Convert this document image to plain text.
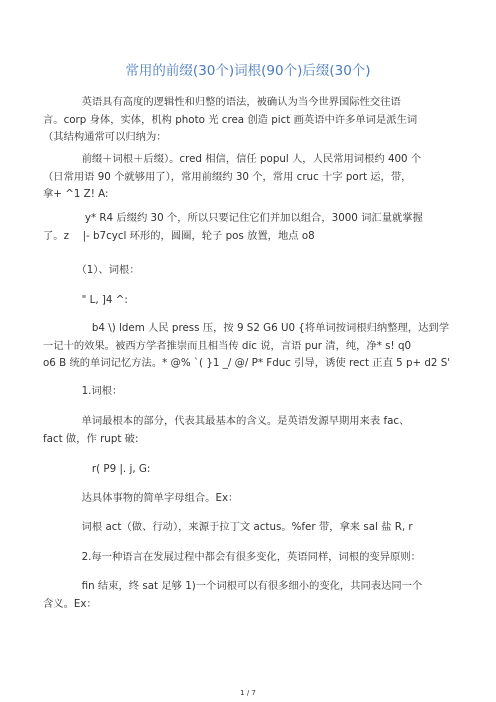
常用的前缀(30个)词根(90个)后缀(30个)
　　英语具有高度的逻辑性和归整的语法，被确认为当今世界国际性交往语
言。corp 身体，实体，机构 photo 光 crea 创造 pict 画英语中许多单词是派生词
（其结构通常可以归纳为：
　　前缀＋词根＋后缀）。cred 相信，信任 popul 人，人民常用词根约 400 个
（日常用语 90 个就够用了），常用前缀约 30 个，常用 cruc 十字 port 运，带，
拿+ ^1 Z! A:
　　 y* R4 后缀约 30 个，所以只要记住它们并加以组合，3000 词汇量就掌握
了。z 　|- b7cycl 环形的，圆圈，轮子 pos 放置，地点 o8
　　（1）、词根：
　　" L, ]4 ^:
　　　b4 \) ldem 人民 press 压，按 9 S2 G6 U0 {将单词按词根归纳整理，达到学
一记十的效果。被西方学者推崇而且相当传 dic 说，言语 pur 清，纯，净* s! q0
o6 B 统的单词记忆方法。* @% `( }1 _/ @/ P* Fduc 引导，诱使 rect 正直 5 p+ d2 S'
　　1.词根：
　　单词最根本的部分，代表其最基本的含义。是英语发源早期用来表 fac、
fact 做，作 rupt 破:
　　　r( P9 |. j, G:
　　达具体事物的简单字母组合。Ex：
　　词根 act（做、行动），来源于拉丁文 actus。%fer 带，拿来 sal 盐 R, r
　　2.每一种语言在发展过程中都会有很多变化，英语同样，词根的变异原则：
　　fin 结束，终 sat 足够 1)一个词根可以有很多细小的变化，共同表达同一个
含义。Ex：
1 / 7
